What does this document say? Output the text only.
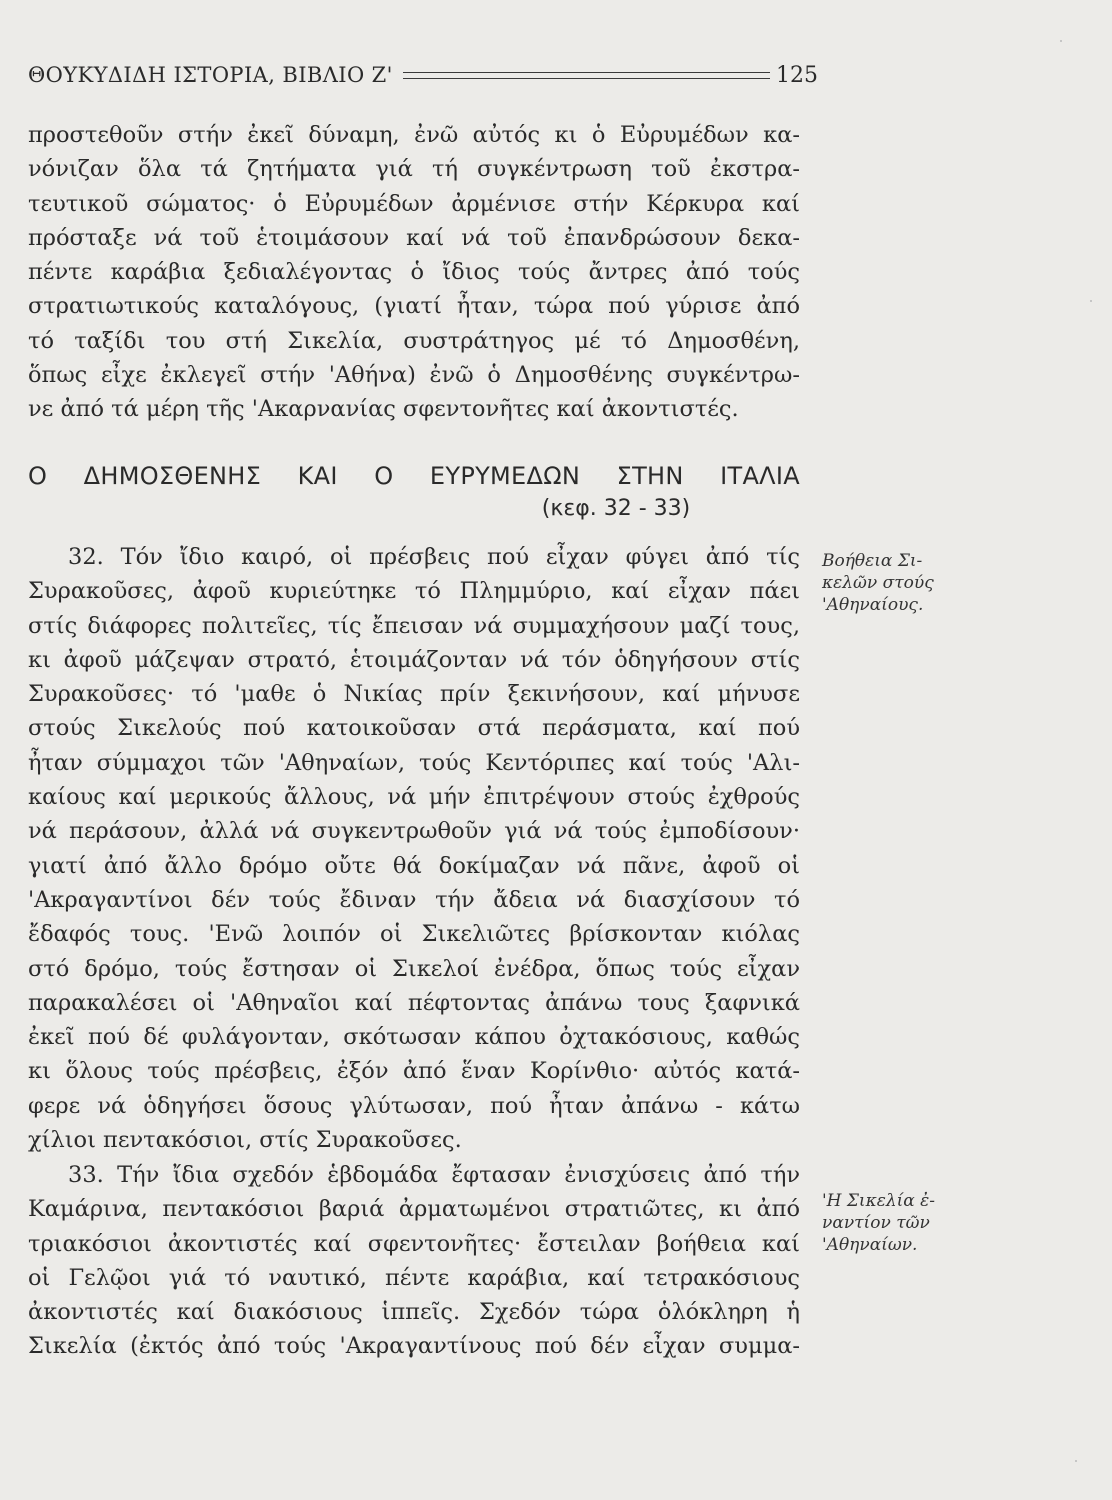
ΘΟΥΚΥΔΙΔΗ ΙΣΤΟΡΙΑ, ΒΙΒΛΙΟ Ζ'	125
προστεθοῦν στήν ἐκεῖ δύναμη, ἐνῶ αὐτός κι ὁ Εὐρυμέδων κα-
νόνιζαν ὅλα τά ζητήματα γιά τή συγκέντρωση τοῦ ἐκστρα-
τευτικοῦ σώματος· ὁ Εὐρυμέδων ἀρμένισε στήν Κέρκυρα καί
πρόσταξε νά τοῦ ἑτοιμάσουν καί νά τοῦ ἐπανδρώσουν δεκα-
πέντε καράβια ξεδιαλέγοντας ὁ ἴδιος τούς ἄντρες ἀπό τούς
στρατιωτικούς καταλόγους, (γιατί ἦταν, τώρα πού γύρισε ἀπό
τό ταξίδι του στή Σικελία, συστράτηγος μέ τό Δημοσθένη,
ὅπως εἶχε ἐκλεγεῖ στήν 'Αθήνα) ἐνῶ ὁ Δημοσθένης συγκέντρω-
νε ἀπό τά μέρη τῆς 'Ακαρνανίας σφεντονῆτες καί ἀκοντιστές.
Ο ΔΗΜΟΣΘΕΝΗΣ ΚΑΙ Ο ΕΥΡΥΜΕΔΩΝ ΣΤΗΝ ΙΤΑΛΙΑ
(κεφ. 32 - 33)
32. Τόν ἴδιο καιρό, οἱ πρέσβεις πού εἶχαν φύγει ἀπό τίς
Συρακοῦσες, ἀφοῦ κυριεύτηκε τό Πλημμύριο, καί εἶχαν πάει
στίς διάφορες πολιτεῖες, τίς ἔπεισαν νά συμμαχήσουν μαζί τους,
κι ἀφοῦ μάζεψαν στρατό, ἑτοιμάζονταν νά τόν ὁδηγήσουν στίς
Συρακοῦσες· τό 'μαθε ὁ Νικίας πρίν ξεκινήσουν, καί μήνυσε
στούς Σικελούς πού κατοικοῦσαν στά περάσματα, καί πού
ἦταν σύμμαχοι τῶν 'Αθηναίων, τούς Κεντόριπες καί τούς 'Αλι-
καίους καί μερικούς ἄλλους, νά μήν ἐπιτρέψουν στούς ἐχθρούς
νά περάσουν, ἀλλά νά συγκεντρωθοῦν γιά νά τούς ἐμποδίσουν·
γιατί ἀπό ἄλλο δρόμο οὔτε θά δοκίμαζαν νά πᾶνε, ἀφοῦ οἱ
'Ακραγαντίνοι δέν τούς ἔδιναν τήν ἄδεια νά διασχίσουν τό
ἔδαφός τους. 'Ενῶ λοιπόν οἱ Σικελιῶτες βρίσκονταν κιόλας
στό δρόμο, τούς ἔστησαν οἱ Σικελοί ἐνέδρα, ὅπως τούς εἶχαν
παρακαλέσει οἱ 'Αθηναῖοι καί πέφτοντας ἀπάνω τους ξαφνικά
ἐκεῖ πού δέ φυλάγονταν, σκότωσαν κάπου ὀχτακόσιους, καθώς
κι ὅλους τούς πρέσβεις, ἐξόν ἀπό ἕναν Κορίνθιο· αὐτός κατά-
φερε νά ὁδηγήσει ὅσους γλύτωσαν, πού ἦταν ἀπάνω - κάτω
χίλιοι πεντακόσιοι, στίς Συρακοῦσες.
33. Τήν ἴδια σχεδόν ἑβδομάδα ἔφτασαν ἐνισχύσεις ἀπό τήν
Καμάρινα, πεντακόσιοι βαριά ἀρματωμένοι στρατιῶτες, κι ἀπό
τριακόσιοι ἀκοντιστές καί σφεντονῆτες· ἔστειλαν βοήθεια καί
οἱ Γελῷοι γιά τό ναυτικό, πέντε καράβια, καί τετρακόσιους
ἀκοντιστές καί διακόσιους ἱππεῖς. Σχεδόν τώρα ὁλόκληρη ἡ
Σικελία (ἐκτός ἀπό τούς 'Ακραγαντίνους πού δέν εἶχαν συμμα-
Βοήθεια Σι-
κελῶν στούς
'Αθηναίους.
'Η Σικελία ἐ-
ναντίον τῶν
'Αθηναίων.
